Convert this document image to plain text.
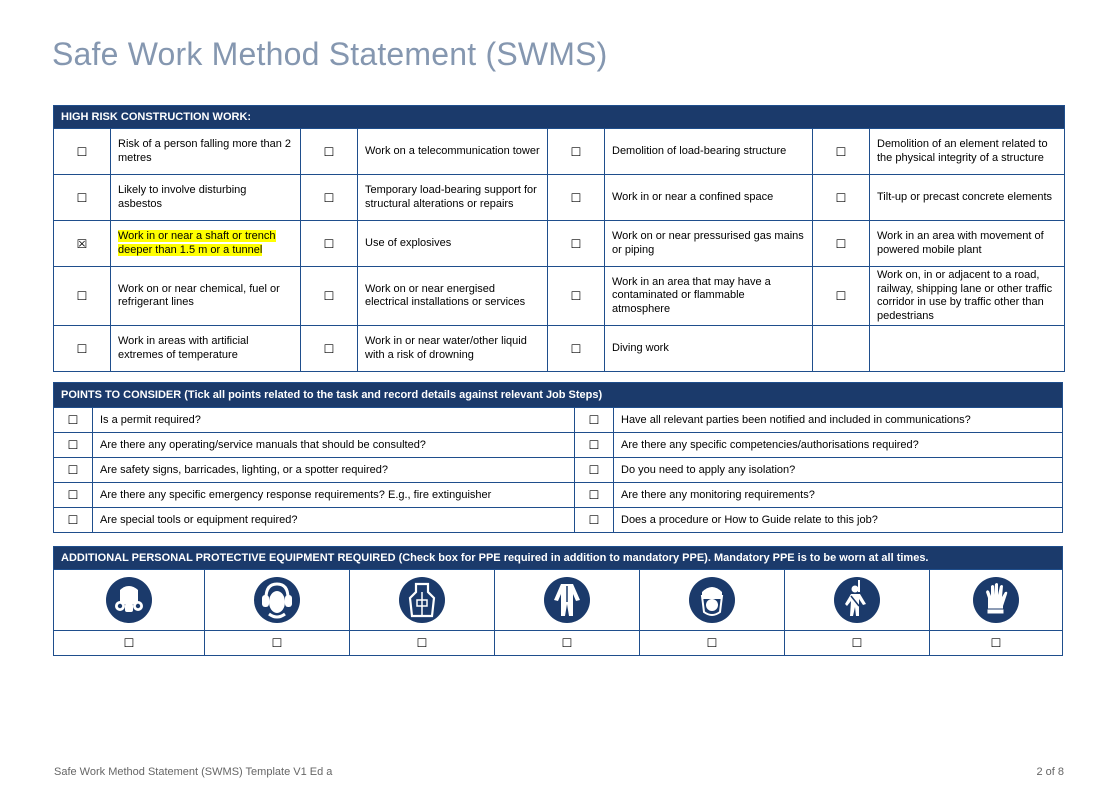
Safe Work Method Statement (SWMS)
HIGH RISK CONSTRUCTION WORK:							
☐	Risk of a person falling more than 2 metres	☐	Work on a telecommunication tower	☐	Demolition of load-bearing structure	☐	Demolition of an element related to the physical integrity of a structure
☐	Likely to involve disturbing asbestos	☐	Temporary load-bearing support for structural alterations or repairs	☐	Work in or near a confined space	☐	Tilt-up or precast concrete elements
☒	Work in or near a shaft or trench deeper than 1.5 m or a tunnel	☐	Use of explosives	☐	Work on or near pressurised gas mains or piping	☐	Work in an area with movement of powered mobile plant
☐	Work on or near chemical, fuel or refrigerant lines	☐	Work on or near energised electrical installations or services	☐	Work in an area that may have a contaminated or flammable atmosphere	☐	Work on, in or adjacent to a road, railway, shipping lane or other traffic corridor in use by traffic other than pedestrians
☐	Work in areas with artificial extremes of temperature	☐	Work in or near water/other liquid with a risk of drowning	☐	Diving work		
POINTS TO CONSIDER (Tick all points related to the task and record details against relevant Job Steps)			
☐	Is a permit required?	☐	Have all relevant parties been notified and included in communications?
☐	Are there any operating/service manuals that should be consulted?	☐	Are there any specific competencies/authorisations required?
☐	Are safety signs, barricades, lighting, or a spotter required?	☐	Do you need to apply any isolation?
☐	Are there any specific emergency response requirements? E.g., fire extinguisher	☐	Are there any monitoring requirements?
☐	Are special tools or equipment required?	☐	Does a procedure or How to Guide relate to this job?
ADDITIONAL PERSONAL PROTECTIVE EQUIPMENT REQUIRED (Check box for PPE required in addition to mandatory PPE). Mandatory PPE is to be worn at all times.						

☐	☐	☐	☐	☐	☐	☐
Safe Work Method Statement (SWMS) Template V1 Ed a	2 of 8
